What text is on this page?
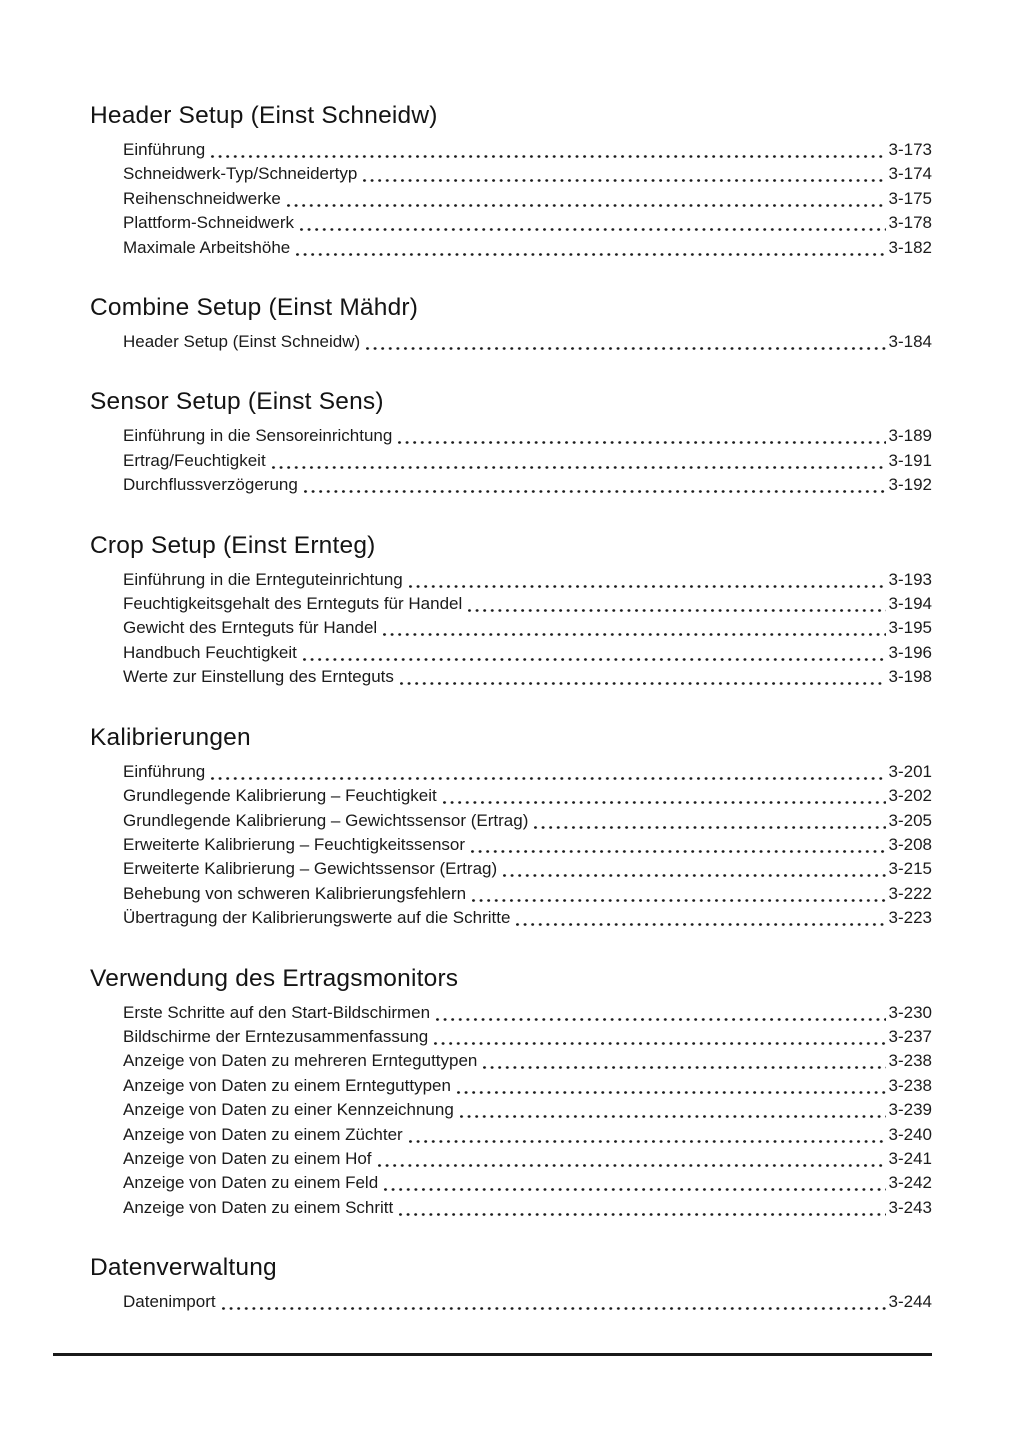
Header Setup (Einst Schneidw)
Einführung	3-173
Schneidwerk-Typ/Schneidertyp	3-174
Reihenschneidwerke	3-175
Plattform-Schneidwerk	3-178
Maximale Arbeitshöhe	3-182
Combine Setup (Einst Mähdr)
Header Setup (Einst Schneidw)	3-184
Sensor Setup (Einst Sens)
Einführung in die Sensoreinrichtung	3-189
Ertrag/Feuchtigkeit	3-191
Durchflussverzögerung	3-192
Crop Setup (Einst Ernteg)
Einführung in die Ernteguteinrichtung	3-193
Feuchtigkeitsgehalt des Ernteguts für Handel	3-194
Gewicht des Ernteguts für Handel	3-195
Handbuch Feuchtigkeit	3-196
Werte zur Einstellung des Ernteguts	3-198
Kalibrierungen
Einführung	3-201
Grundlegende Kalibrierung – Feuchtigkeit	3-202
Grundlegende Kalibrierung – Gewichtssensor (Ertrag)	3-205
Erweiterte Kalibrierung – Feuchtigkeitssensor	3-208
Erweiterte Kalibrierung – Gewichtssensor (Ertrag)	3-215
Behebung von schweren Kalibrierungsfehlern	3-222
Übertragung der Kalibrierungswerte auf die Schritte	3-223
Verwendung des Ertragsmonitors
Erste Schritte auf den Start-Bildschirmen	3-230
Bildschirme der Erntezusammenfassung	3-237
Anzeige von Daten zu mehreren Ernteguttypen	3-238
Anzeige von Daten zu einem Ernteguttypen	3-238
Anzeige von Daten zu einer Kennzeichnung	3-239
Anzeige von Daten zu einem Züchter	3-240
Anzeige von Daten zu einem Hof	3-241
Anzeige von Daten zu einem Feld	3-242
Anzeige von Daten zu einem Schritt	3-243
Datenverwaltung
Datenimport	3-244
